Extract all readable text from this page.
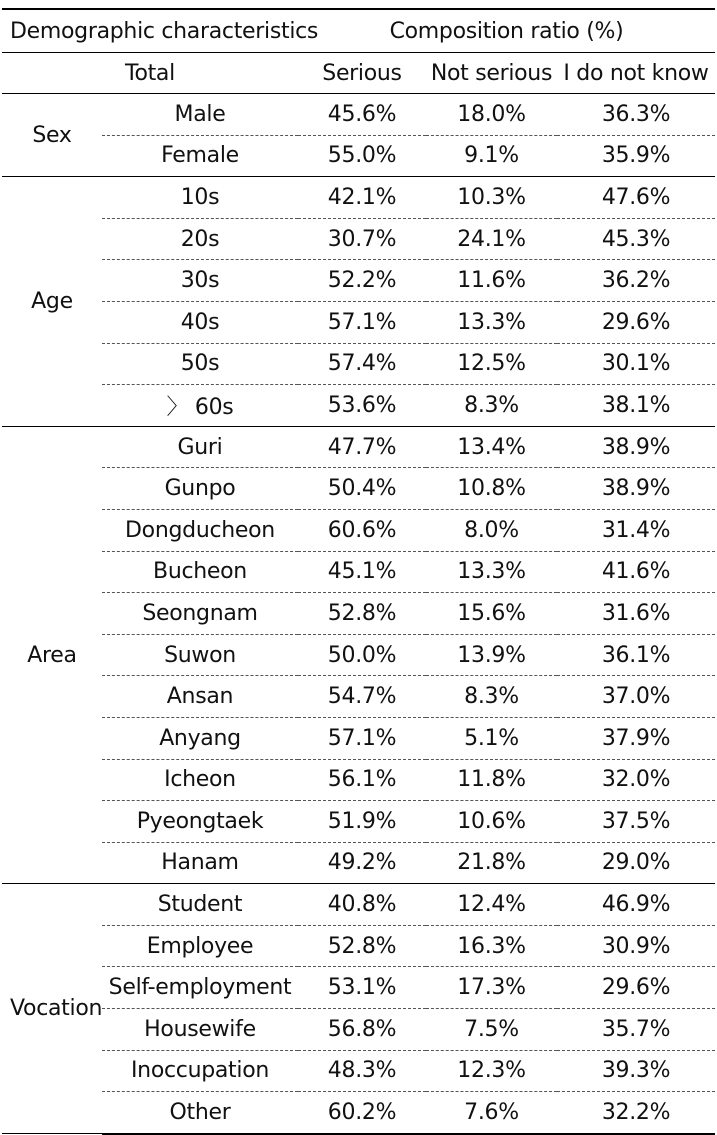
Demographic characteristics		Composition ratio (%)		
Total		Serious	Not serious	I do not know
Sex	Male	45.6%	18.0%	36.3%
	Female	55.0%	9.1%	35.9%
Age	10s	42.1%	10.3%	47.6%
	20s	30.7%	24.1%	45.3%
	30s	52.2%	11.6%	36.2%
	40s	57.1%	13.3%	29.6%
	50s	57.4%	12.5%	30.1%
	〉 60s	53.6%	8.3%	38.1%
Area	Guri	47.7%	13.4%	38.9%
	Gunpo	50.4%	10.8%	38.9%
	Dongducheon	60.6%	8.0%	31.4%
	Bucheon	45.1%	13.3%	41.6%
	Seongnam	52.8%	15.6%	31.6%
	Suwon	50.0%	13.9%	36.1%
	Ansan	54.7%	8.3%	37.0%
	Anyang	57.1%	5.1%	37.9%
	Icheon	56.1%	11.8%	32.0%
	Pyeongtaek	51.9%	10.6%	37.5%
	Hanam	49.2%	21.8%	29.0%
Vocation	Student	40.8%	12.4%	46.9%
	Employee	52.8%	16.3%	30.9%
	Self-employment	53.1%	17.3%	29.6%
	Housewife	56.8%	7.5%	35.7%
	Inoccupation	48.3%	12.3%	39.3%
	Other	60.2%	7.6%	32.2%
